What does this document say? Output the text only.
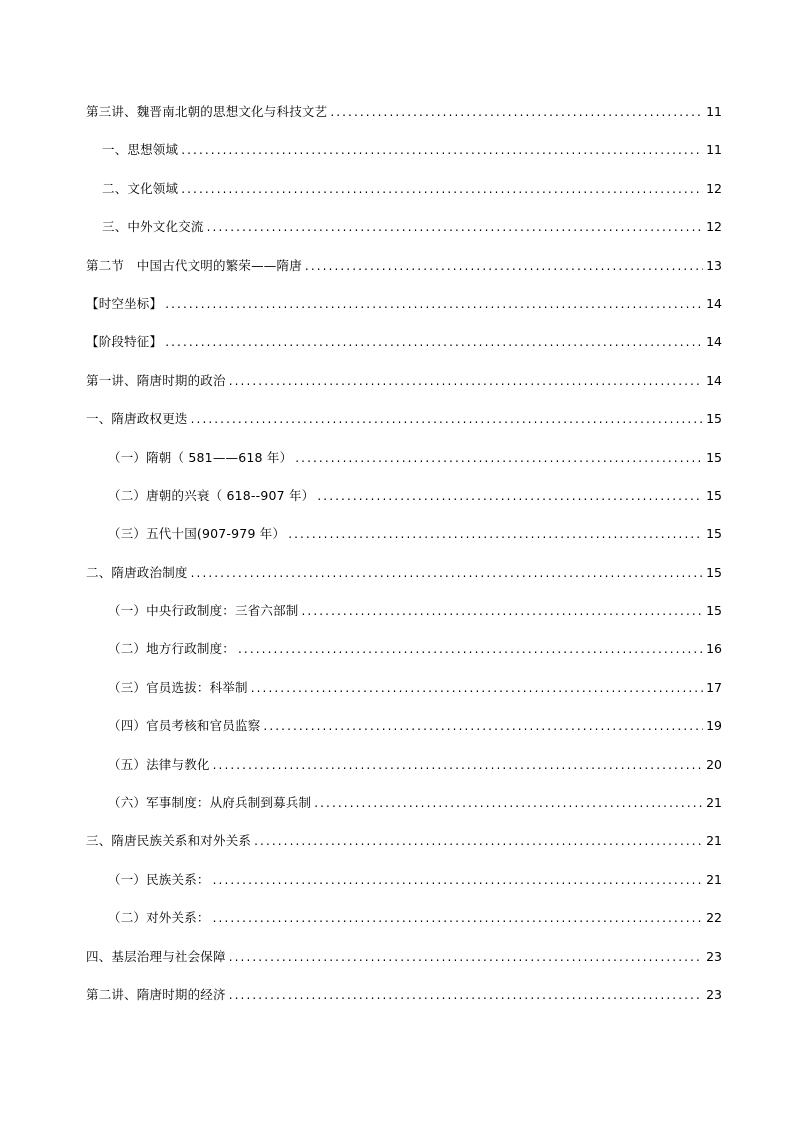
第三讲、魏晋南北朝的思想文化与科技文艺 .....	11
一、思想领域 .....	11
二、文化领域 .....	12
三、中外文化交流 .....	12
第二节　中国古代文明的繁荣——隋唐 .....	13
【时空坐标】 .....	14
【阶段特征】 .....	14
第一讲、隋唐时期的政治 .....	14
一、隋唐政权更迭 .....	15
（一）隋朝（ 581——618 年） .....	15
（二）唐朝的兴衰（ 618--907 年） .....	15
（三）五代十国(907-979 年） .....	15
二、隋唐政治制度 .....	15
（一）中央行政制度：三省六部制 .....	15
（二）地方行政制度： .....	16
（三）官员选拔：科举制 .....	17
（四）官员考核和官员监察 .....	19
（五）法律与教化 .....	20
（六）军事制度：从府兵制到募兵制 .....	21
三、隋唐民族关系和对外关系 .....	21
（一）民族关系： .....	21
（二）对外关系： .....	22
四、基层治理与社会保障 .....	23
第二讲、隋唐时期的经济 .....	23
